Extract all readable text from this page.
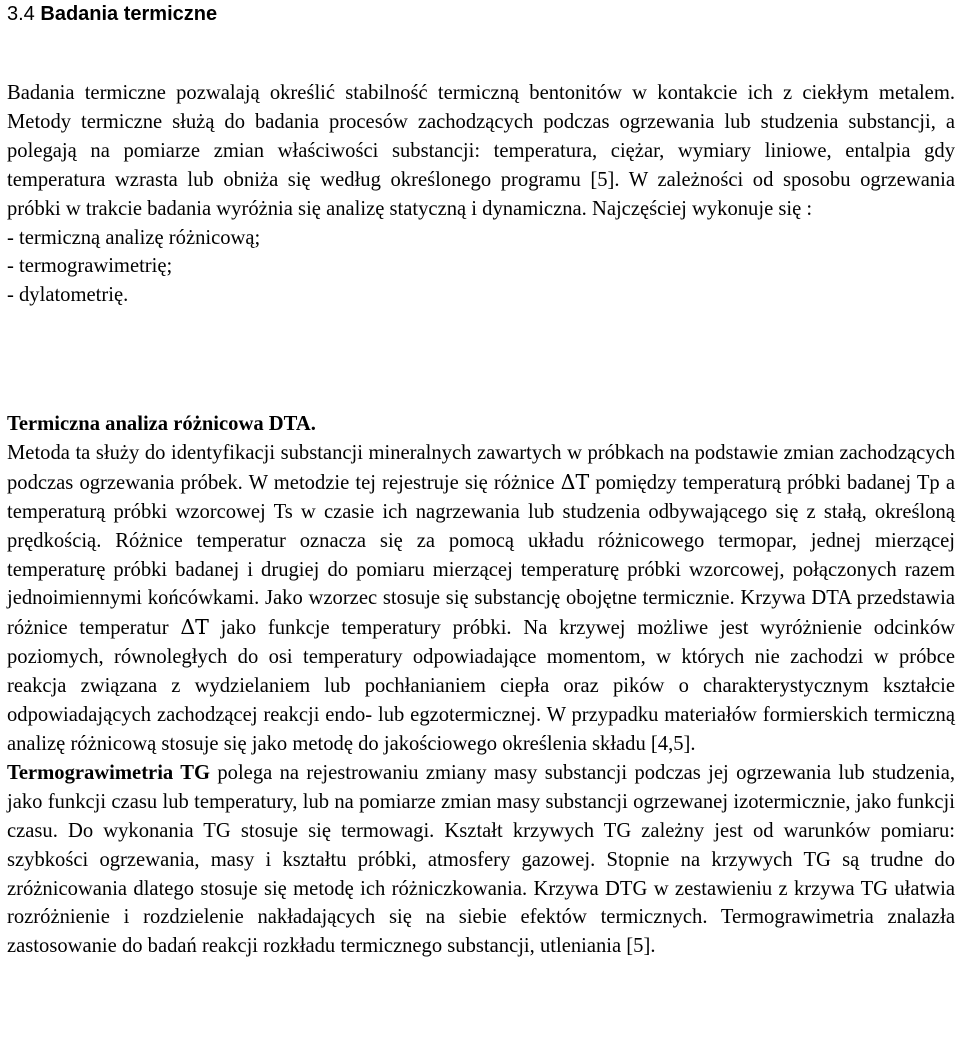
3.4 Badania termiczne

Badania termiczne pozwalają określić stabilność termiczną bentonitów w kontakcie ich z ciekłym metalem. Metody termiczne służą do badania procesów zachodzących podczas ogrzewania lub studzenia substancji, a polegają na pomiarze zmian właściwości substancji: temperatura, ciężar, wymiary liniowe, entalpia gdy temperatura wzrasta lub obniża się według określonego programu [5]. W zależności od sposobu ogrzewania próbki w trakcie badania wyróżnia się analizę statyczną i dynamiczna. Najczęściej wykonuje się :

- termiczną analizę różnicową;
- termograwimetrię;
- dylatometrię.

Termiczna analiza różnicowa DTA.

Metoda ta służy do identyfikacji substancji mineralnych zawartych w próbkach na podstawie zmian zachodzących podczas ogrzewania próbek. W metodzie tej rejestruje się różnice ΔT pomiędzy temperaturą próbki badanej Tp a temperaturą próbki wzorcowej Ts w czasie ich nagrzewania lub studzenia odbywającego się z stałą, określoną prędkością. Różnice temperatur oznacza się za pomocą układu różnicowego termopar, jednej mierzącej temperaturę próbki badanej i drugiej do pomiaru mierzącej temperaturę próbki wzorcowej, połączonych razem jednoimiennymi końcówkami. Jako wzorzec stosuje się substancję obojętne termicznie. Krzywa DTA przedstawia różnice temperatur ΔT jako funkcje temperatury próbki. Na krzywej możliwe jest wyróżnienie odcinków poziomych, równoległych do osi temperatury odpowiadające momentom, w których nie zachodzi w próbce reakcja związana z wydzielaniem lub pochłanianiem ciepła oraz pików o charakterystycznym kształcie odpowiadających zachodzącej reakcji endo- lub egzotermicznej. W przypadku materiałów formierskich termiczną analizę różnicową stosuje się jako metodę do jakościowego określenia składu [4,5].

Termograwimetria TG polega na rejestrowaniu zmiany masy substancji podczas jej ogrzewania lub studzenia, jako funkcji czasu lub temperatury, lub na pomiarze zmian masy substancji ogrzewanej izotermicznie, jako funkcji czasu. Do wykonania TG stosuje się termowagi. Kształt krzywych TG zależny jest od warunków pomiaru: szybkości ogrzewania, masy i kształtu próbki, atmosfery gazowej. Stopnie na krzywych TG są trudne do zróżnicowania dlatego stosuje się metodę ich różniczkowania. Krzywa DTG w zestawieniu z krzywa TG ułatwia rozróżnienie i rozdzielenie nakładających się na siebie efektów termicznych. Termograwimetria znalazła zastosowanie do badań reakcji rozkładu termicznego substancji, utleniania [5].
